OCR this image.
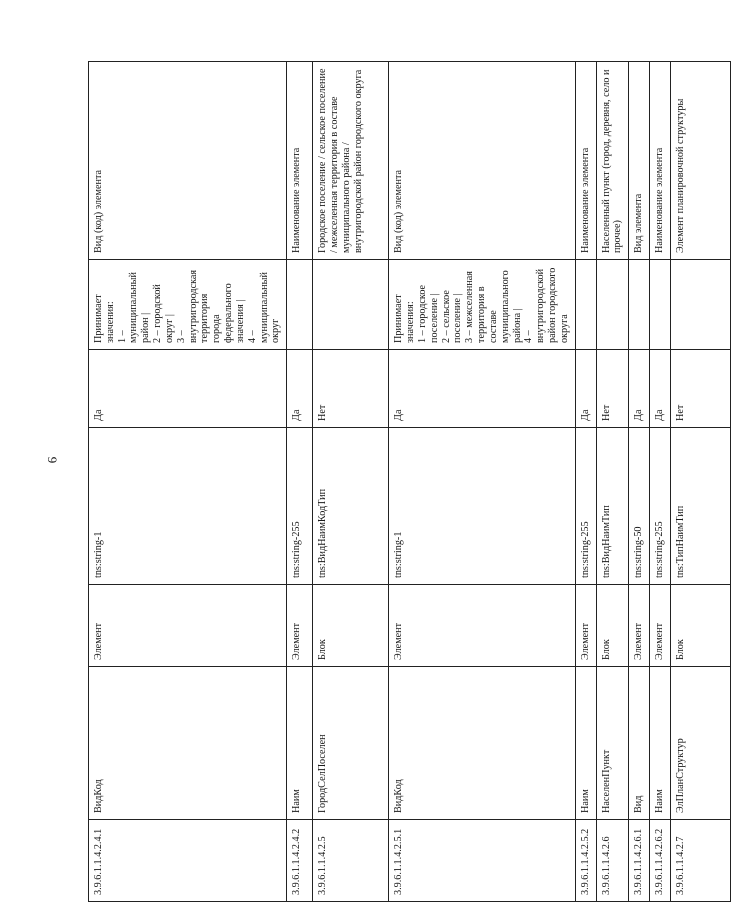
9
3.9.6.1.1.4.2.4.1	ВидКод	Элемент	tns:string-1	Да	Принимает значения:
1 – муниципальный район |
2 – городской округ |
3 – внутригородская территория города федерального значения |
4 – муниципальный округ	Вид (код) элемента
3.9.6.1.1.4.2.4.2	Наим	Элемент	tns:string-255	Да		Наименование элемента
3.9.6.1.1.4.2.5	ГородСелПоселен	Блок	tns:ВидНаимКодТип	Нет		Городское поселение / сельское поселение / межселенная территория в составе муниципального района / внутригородской район городского округа
3.9.6.1.1.4.2.5.1	ВидКод	Элемент	tns:string-1	Да	Принимает значения:
1 – городское поселение |
2 – сельское поселение |
3 – межселенная территория в составе муниципального района |
4 – внутригородской район городского округа	Вид (код) элемента
3.9.6.1.1.4.2.5.2	Наим	Элемент	tns:string-255	Да		Наименование элемента
3.9.6.1.1.4.2.6	НаселенПункт	Блок	tns:ВидНаимТип	Нет		Населенный пункт (город, деревня, село и прочее)
3.9.6.1.1.4.2.6.1	Вид	Элемент	tns:string-50	Да		Вид элемента
3.9.6.1.1.4.2.6.2	Наим	Элемент	tns:string-255	Да		Наименование элемента
3.9.6.1.1.4.2.7	ЭлПланСтруктур	Блок	tns:ТипНаимТип	Нет		Элемент планировочной структуры
